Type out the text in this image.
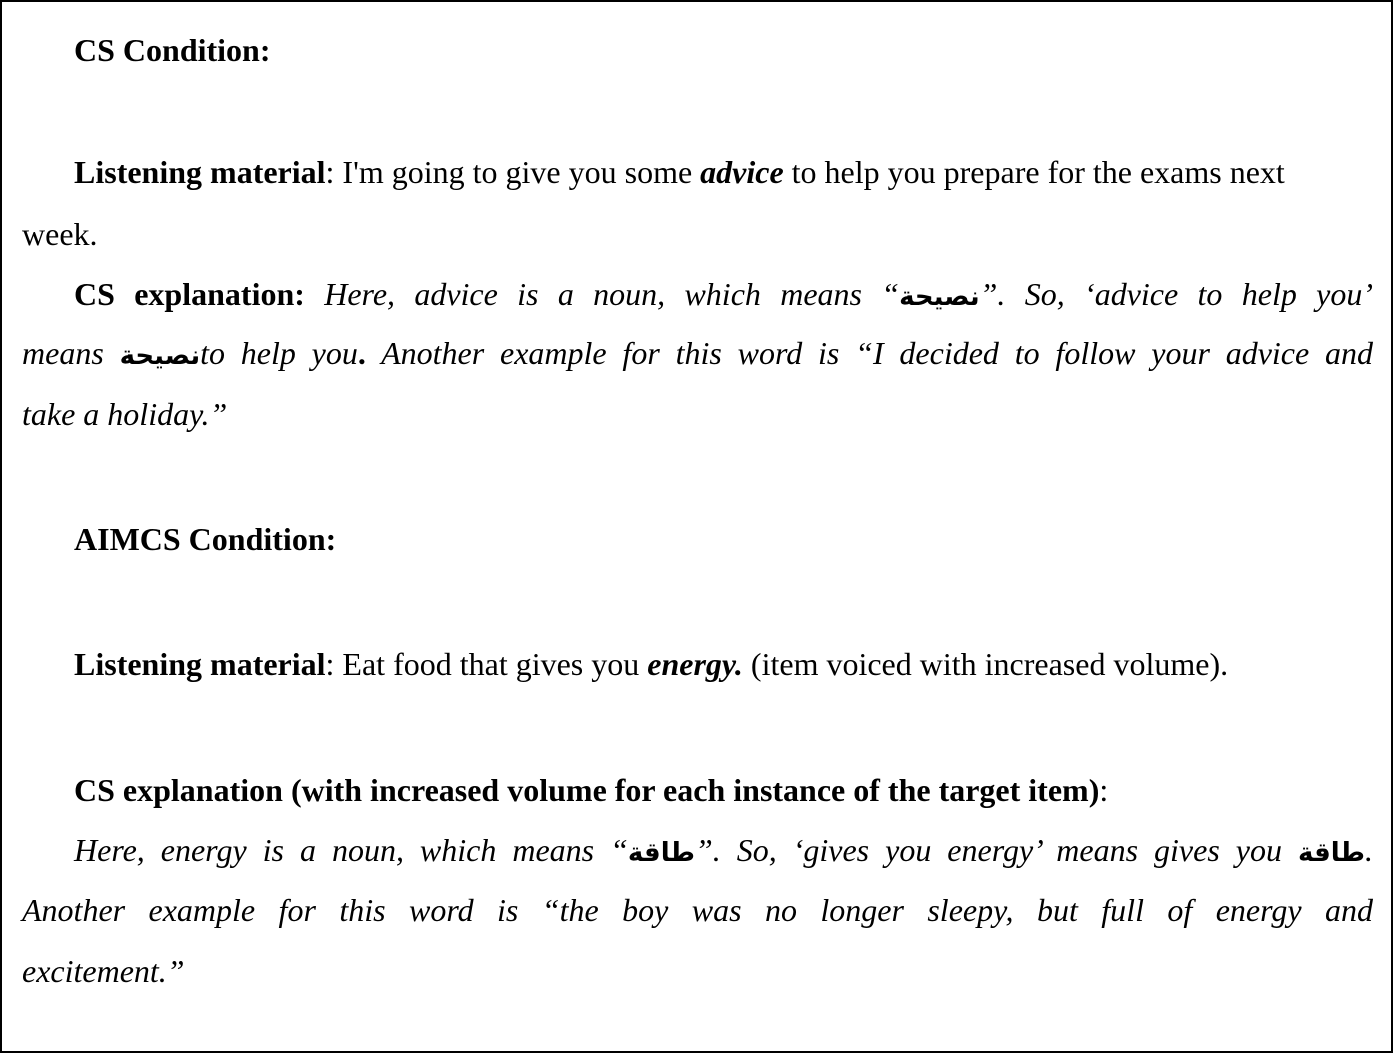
CS Condition:
Listening material: I'm going to give you some advice to help you prepare for the exams next
week.
CS explanation: Here, advice is a noun, which means “نصيحة”. So, ‘advice to help you’
means نصيحةto help you. Another example for this word is “I decided to follow your advice and
take a holiday.”
AIMCS Condition:
Listening material: Eat food that gives you energy. (item voiced with increased volume).
CS explanation (with increased volume for each instance of the target item):
Here, energy is a noun, which means “طاقة”. So, ‘gives you energy’ means gives you طاقة.
Another example for this word is “the boy was no longer sleepy, but full of energy and
excitement.”
